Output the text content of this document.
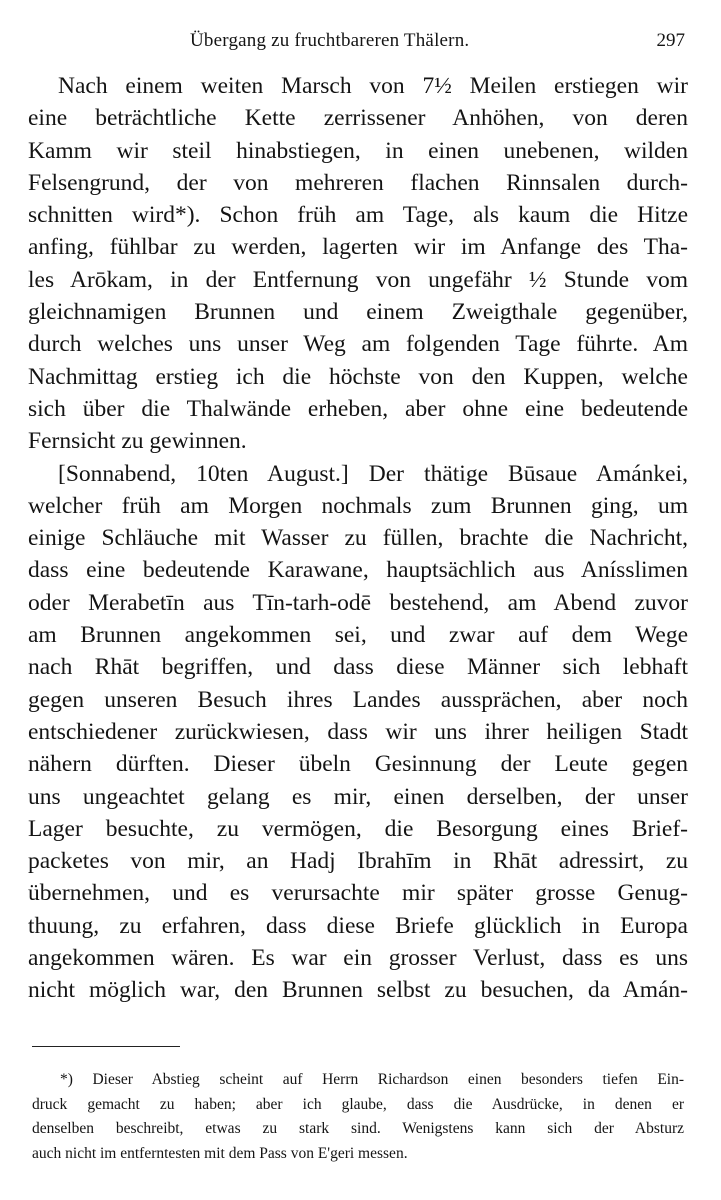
Übergang zu fruchtbareren Thälern.	297
Nach einem weiten Marsch von 7½ Meilen erstiegen wir
eine beträchtliche Kette zerrissener Anhöhen, von deren
Kamm wir steil hinabstiegen, in einen unebenen, wilden
Felsengrund, der von mehreren flachen Rinnsalen durch-
schnitten wird*). Schon früh am Tage, als kaum die Hitze
anfing, fühlbar zu werden, lagerten wir im Anfange des Tha-
les Arōkam, in der Entfernung von ungefähr ½ Stunde vom
gleichnamigen Brunnen und einem Zweigthale gegenüber,
durch welches uns unser Weg am folgenden Tage führte. Am
Nachmittag erstieg ich die höchste von den Kuppen, welche
sich über die Thalwände erheben, aber ohne eine bedeutende
Fernsicht zu gewinnen.
[Sonnabend, 10ten August.] Der thätige Būsaue Amánkei,
welcher früh am Morgen nochmals zum Brunnen ging, um
einige Schläuche mit Wasser zu füllen, brachte die Nachricht,
dass eine bedeutende Karawane, hauptsächlich aus Anísslimen
oder Merabetīn aus Tīn-tarh-odē bestehend, am Abend zuvor
am Brunnen angekommen sei, und zwar auf dem Wege
nach Rhāt begriffen, und dass diese Männer sich lebhaft
gegen unseren Besuch ihres Landes aussprächen, aber noch
entschiedener zurückwiesen, dass wir uns ihrer heiligen Stadt
nähern dürften. Dieser übeln Gesinnung der Leute gegen
uns ungeachtet gelang es mir, einen derselben, der unser
Lager besuchte, zu vermögen, die Besorgung eines Brief-
packetes von mir, an Hadj Ibrahīm in Rhāt adressirt, zu
übernehmen, und es verursachte mir später grosse Genug-
thuung, zu erfahren, dass diese Briefe glücklich in Europa
angekommen wären. Es war ein grosser Verlust, dass es uns
nicht möglich war, den Brunnen selbst zu besuchen, da Amán-
*) Dieser Abstieg scheint auf Herrn Richardson einen besonders tiefen Ein-
druck gemacht zu haben; aber ich glaube, dass die Ausdrücke, in denen er
denselben beschreibt, etwas zu stark sind. Wenigstens kann sich der Absturz
auch nicht im entferntesten mit dem Pass von E'geri messen.
